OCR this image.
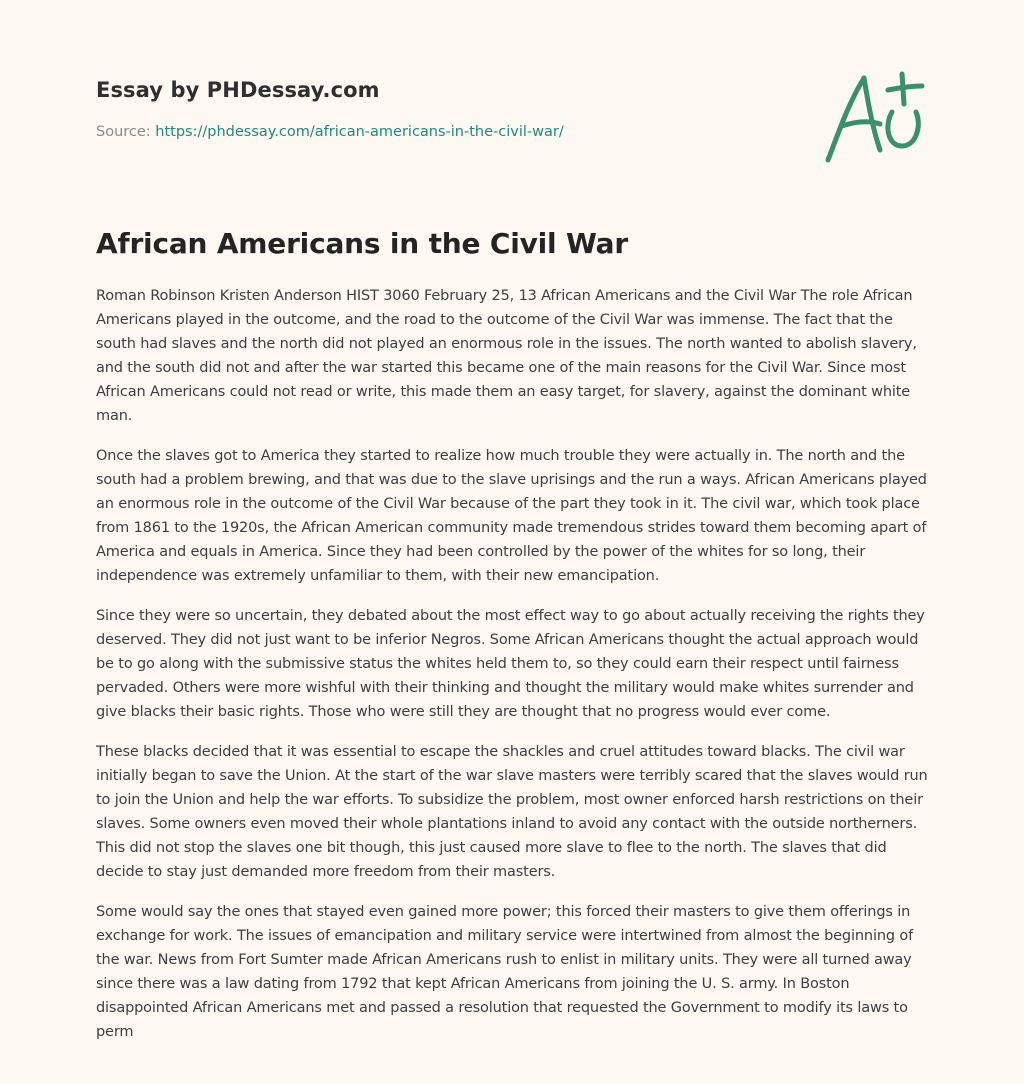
Essay by PHDessay.com
Source: https://phdessay.com/african-americans-in-the-civil-war/
African Americans in the Civil War

Roman Robinson Kristen Anderson HIST 3060 February 25, 13 African Americans and the Civil War The role African Americans played in the outcome, and the road to the outcome of the Civil War was immense. The fact that the south had slaves and the north did not played an enormous role in the issues. The north wanted to abolish slavery, and the south did not and after the war started this became one of the main reasons for the Civil War. Since most African Americans could not read or write, this made them an easy target, for slavery, against the dominant white man.

Once the slaves got to America they started to realize how much trouble they were actually in. The north and the south had a problem brewing, and that was due to the slave uprisings and the run a ways. African Americans played an enormous role in the outcome of the Civil War because of the part they took in it. The civil war, which took place from 1861 to the 1920s, the African American community made tremendous strides toward them becoming apart of America and equals in America. Since they had been controlled by the power of the whites for so long, their independence was extremely unfamiliar to them, with their new emancipation.

Since they were so uncertain, they debated about the most effect way to go about actually receiving the rights they deserved. They did not just want to be inferior Negros. Some African Americans thought the actual approach would be to go along with the submissive status the whites held them to, so they could earn their respect until fairness pervaded. Others were more wishful with their thinking and thought the military would make whites surrender and give blacks their basic rights. Those who were still they are thought that no progress would ever come.

These blacks decided that it was essential to escape the shackles and cruel attitudes toward blacks. The civil war initially began to save the Union. At the start of the war slave masters were terribly scared that the slaves would run to join the Union and help the war efforts. To subsidize the problem, most owner enforced harsh restrictions on their slaves. Some owners even moved their whole plantations inland to avoid any contact with the outside northerners. This did not stop the slaves one bit though, this just caused more slave to flee to the north. The slaves that did decide to stay just demanded more freedom from their masters.

Some would say the ones that stayed even gained more power; this forced their masters to give them offerings in exchange for work. The issues of emancipation and military service were intertwined from almost the beginning of the war. News from Fort Sumter made African Americans rush to enlist in military units. They were all turned away since there was a law dating from 1792 that kept African Americans from joining the U. S. army. In Boston disappointed African Americans met and passed a resolution that requested the Government to modify its laws to perm
